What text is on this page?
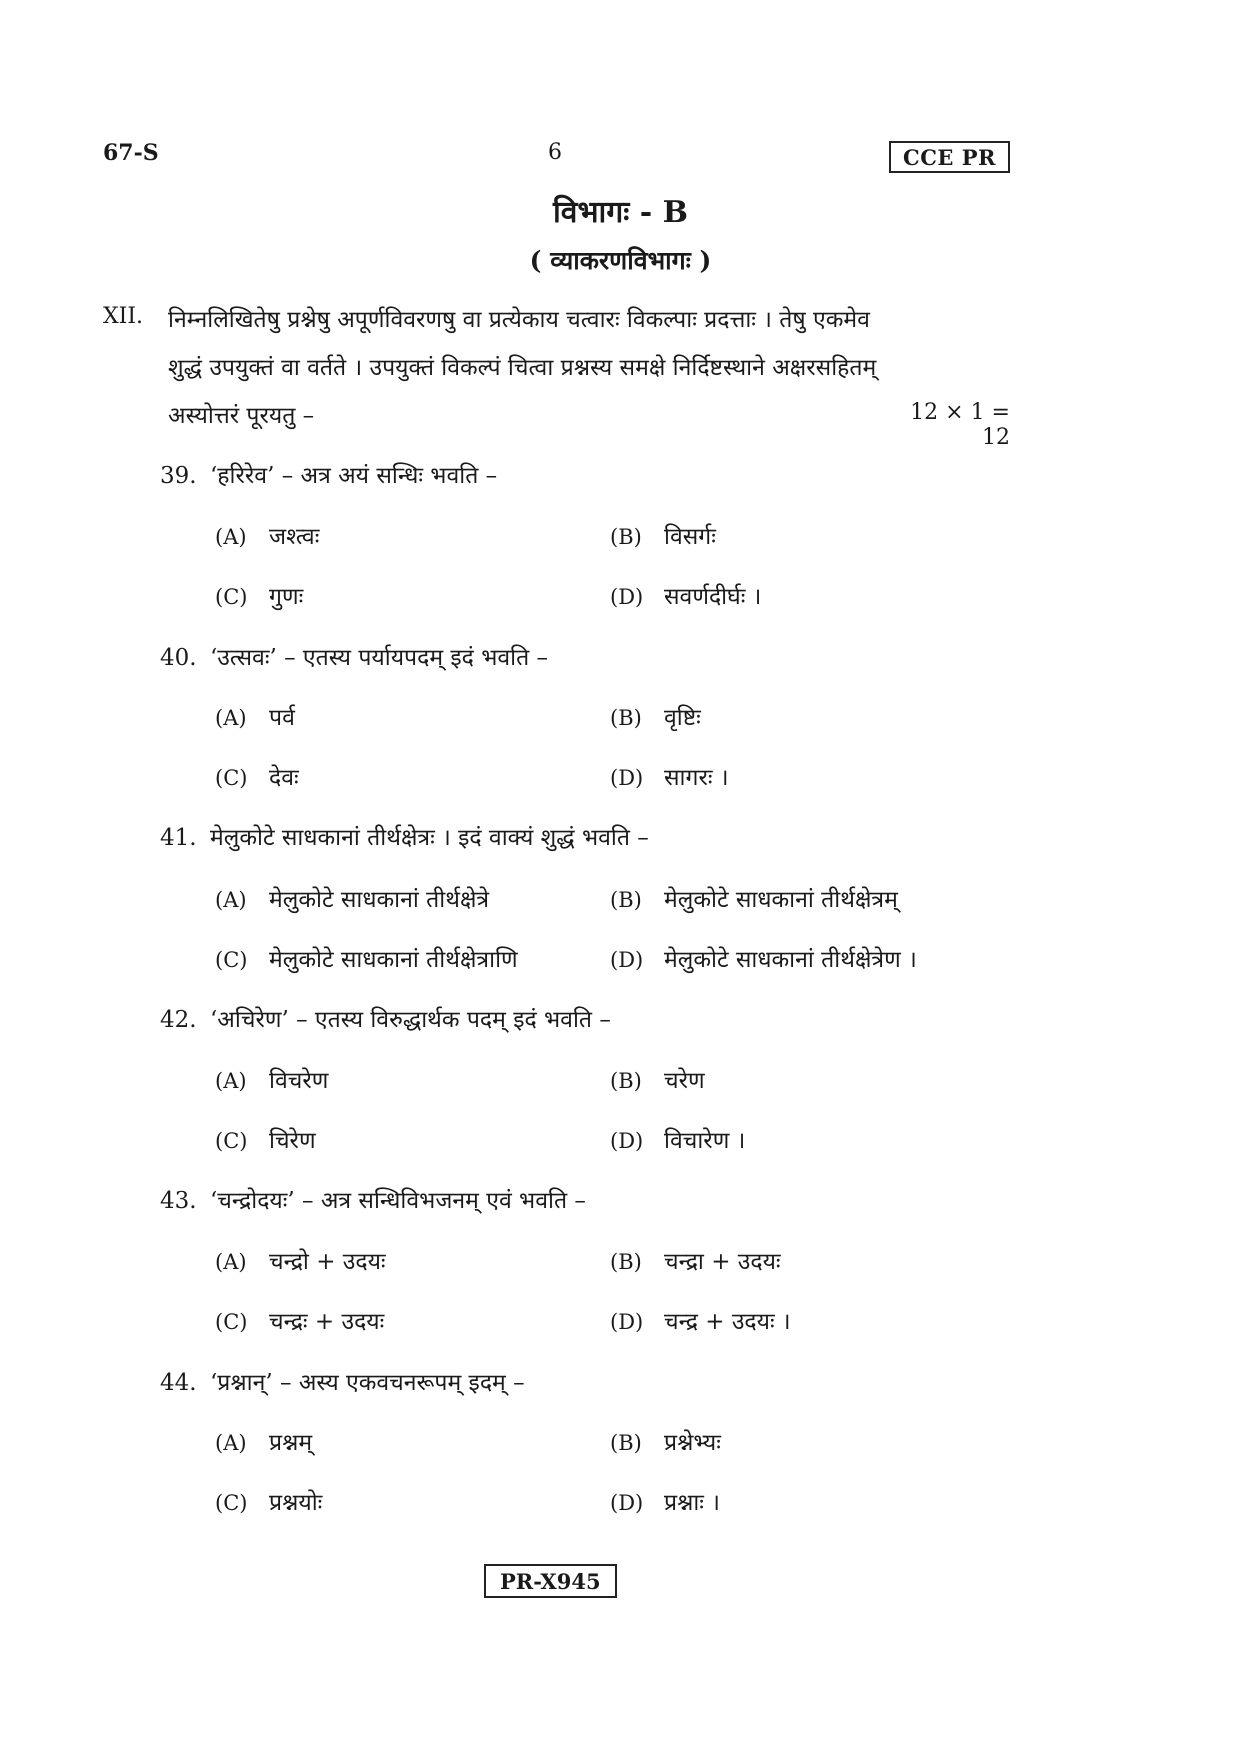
67-S	6	CCE PR
विभागः - B
( व्याकरणविभागः )
XII. निम्नलिखितेषु प्रश्नेषु अपूर्णविवरणषु वा प्रत्येकाय चत्वारः विकल्पाः प्रदत्ताः । तेषु एकमेव
शुद्धं उपयुक्तं वा वर्तते । उपयुक्तं विकल्पं चित्वा प्रश्नस्य समक्षे निर्दिष्टस्थाने अक्षरसहितम्
अस्योत्तरं पूरयतु –	12 × 1 = 12
39. ‘हरिरेव’ – अत्र अयं सन्धिः भवति –
(A) जश्त्वः	(B) विसर्गः
(C) गुणः	(D) सवर्णदीर्घः ।
40. ‘उत्सवः’ – एतस्य पर्यायपदम् इदं भवति –
(A) पर्व	(B) वृष्टिः
(C) देवः	(D) सागरः ।
41. मेलुकोटे साधकानां तीर्थक्षेत्रः । इदं वाक्यं शुद्धं भवति –
(A) मेलुकोटे साधकानां तीर्थक्षेत्रे	(B) मेलुकोटे साधकानां तीर्थक्षेत्रम्
(C) मेलुकोटे साधकानां तीर्थक्षेत्राणि	(D) मेलुकोटे साधकानां तीर्थक्षेत्रेण ।
42. ‘अचिरेण’ – एतस्य विरुद्धार्थक पदम् इदं भवति –
(A) विचरेण	(B) चरेण
(C) चिरेण	(D) विचारेण ।
43. ‘चन्द्रोदयः’ – अत्र सन्धिविभजनम् एवं भवति –
(A) चन्द्रो + उदयः	(B) चन्द्रा + उदयः
(C) चन्द्रः + उदयः	(D) चन्द्र + उदयः ।
44. ‘प्रश्नान्’ – अस्य एकवचनरूपम् इदम् –
(A) प्रश्नम्	(B) प्रश्नेभ्यः
(C) प्रश्नयोः	(D) प्रश्नाः ।
PR-X945
